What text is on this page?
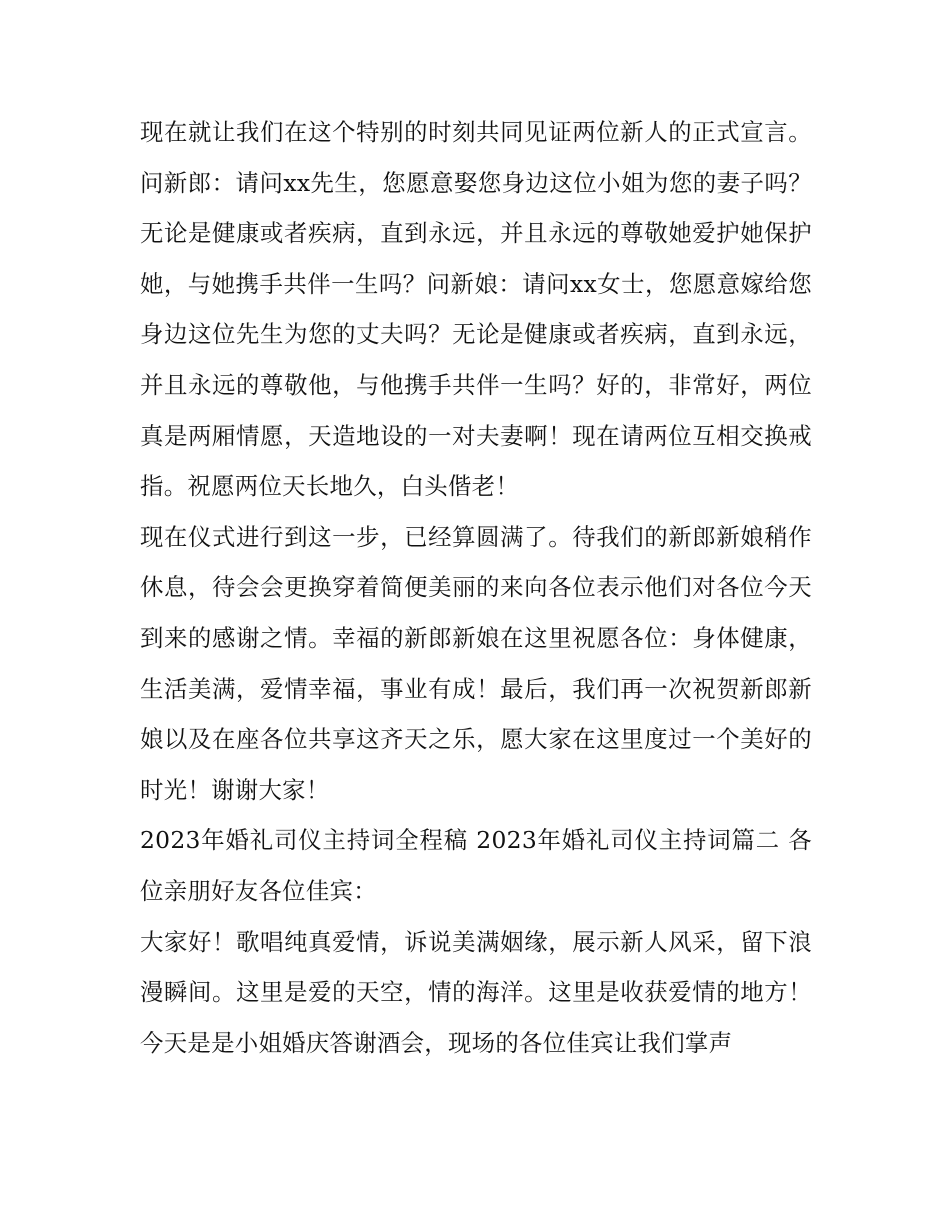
现在就让我们在这个特别的时刻共同见证两位新人的正式宣言。问新郎：请问xx先生，您愿意娶您身边这位小姐为您的妻子吗？无论是健康或者疾病，直到永远，并且永远的尊敬她爱护她保护她，与她携手共伴一生吗？问新娘：请问xx女士，您愿意嫁给您身边这位先生为您的丈夫吗？无论是健康或者疾病，直到永远，并且永远的尊敬他，与他携手共伴一生吗？好的，非常好，两位真是两厢情愿，天造地设的一对夫妻啊！现在请两位互相交换戒指。祝愿两位天长地久，白头偕老！

现在仪式进行到这一步，已经算圆满了。待我们的新郎新娘稍作休息，待会会更换穿着简便美丽的来向各位表示他们对各位今天到来的感谢之情。幸福的新郎新娘在这里祝愿各位：身体健康，生活美满，爱情幸福，事业有成！最后，我们再一次祝贺新郎新娘以及在座各位共享这齐天之乐，愿大家在这里度过一个美好的时光！谢谢大家！

2023年婚礼司仪主持词全程稿 2023年婚礼司仪主持词篇二 各位亲朋好友各位佳宾：

大家好！歌唱纯真爱情，诉说美满姻缘，展示新人风采，留下浪漫瞬间。这里是爱的天空，情的海洋。这里是收获爱情的地方！今天是是小姐婚庆答谢酒会，现场的各位佳宾让我们掌声
